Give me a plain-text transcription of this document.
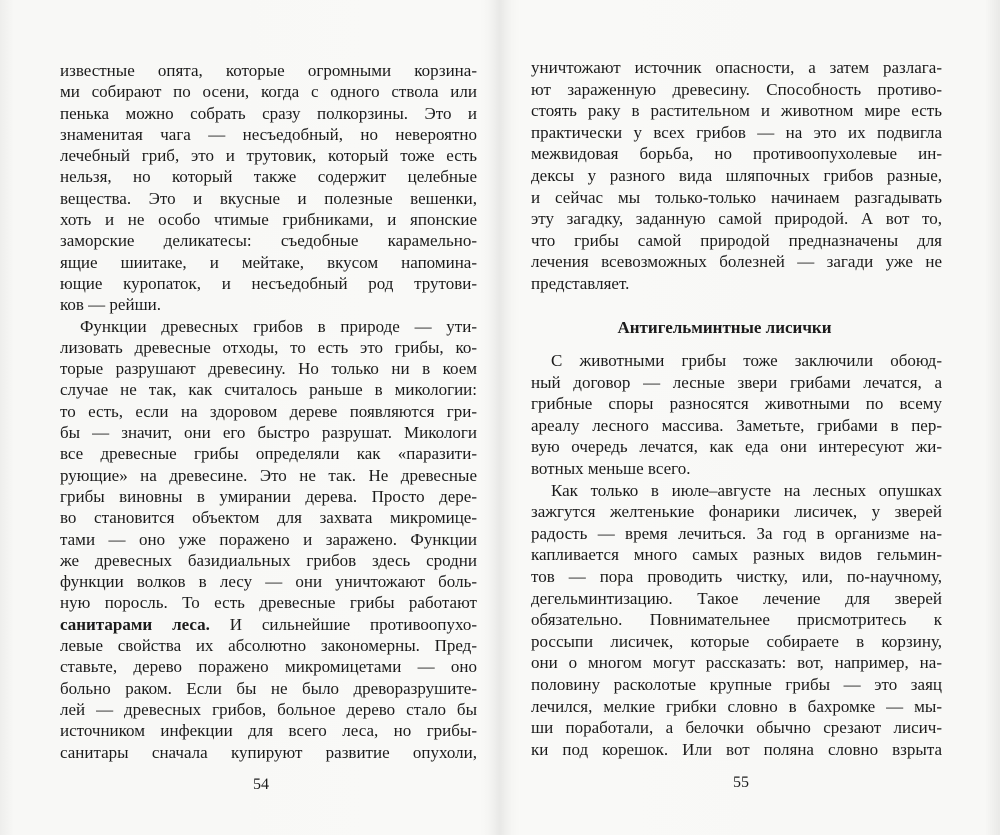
известные опята, которые огромными корзина-
ми собирают по осени, когда с одного ствола или
пенька можно собрать сразу полкорзины. Это и
знаменитая чага — несъедобный, но невероятно
лечебный гриб, это и трутовик, который тоже есть
нельзя, но который также содержит целебные
вещества. Это и вкусные и полезные вешенки,
хоть и не особо чтимые грибниками, и японские
заморские деликатесы: съедобные карамельно-
ящие шиитаке, и мейтаке, вкусом напомина-
ющие куропаток, и несъедобный род трутови-
ков — рейши.
Функции древесных грибов в природе — ути-
лизовать древесные отходы, то есть это грибы, ко-
торые разрушают древесину. Но только ни в коем
случае не так, как считалось раньше в микологии:
то есть, если на здоровом дереве появляются гри-
бы — значит, они его быстро разрушат. Микологи
все древесные грибы определяли как «паразити-
рующие» на древесине. Это не так. Не древесные
грибы виновны в умирании дерева. Просто дере-
во становится объектом для захвата микромице-
тами — оно уже поражено и заражено. Функции
же древесных базидиальных грибов здесь сродни
функции волков в лесу — они уничтожают боль-
ную поросль. То есть древесные грибы работают
санитарами леса. И сильнейшие противоопухо-
левые свойства их абсолютно закономерны. Пред-
ставьте, дерево поражено микромицетами — оно
больно раком. Если бы не было древоразрушите-
лей — древесных грибов, больное дерево стало бы
источником инфекции для всего леса, но грибы-
санитары сначала купируют развитие опухоли,
54
уничтожают источник опасности, а затем разлага-
ют зараженную древесину. Способность противо-
стоять раку в растительном и животном мире есть
практически у всех грибов — на это их подвигла
межвидовая борьба, но противоопухолевые ин-
дексы у разного вида шляпочных грибов разные,
и сейчас мы только-только начинаем разгадывать
эту загадку, заданную самой природой. А вот то,
что грибы самой природой предназначены для
лечения всевозможных болезней — загади уже не
представляет.
Антигельминтные лисички
С животными грибы тоже заключили обоюд-
ный договор — лесные звери грибами лечатся, а
грибные споры разносятся животными по всему
ареалу лесного массива. Заметьте, грибами в пер-
вую очередь лечатся, как еда они интересуют жи-
вотных меньше всего.
Как только в июле–августе на лесных опушках
зажгутся желтенькие фонарики лисичек, у зверей
радость — время лечиться. За год в организме на-
капливается много самых разных видов гельмин-
тов — пора проводить чистку, или, по-научному,
дегельминтизацию. Такое лечение для зверей
обязательно. Повнимательнее присмотритесь к
россыпи лисичек, которые собираете в корзину,
они о многом могут рассказать: вот, например, на-
половину расколотые крупные грибы — это заяц
лечился, мелкие грибки словно в бахромке — мы-
ши поработали, а белочки обычно срезают лисич-
ки под корешок. Или вот поляна словно взрыта
55
